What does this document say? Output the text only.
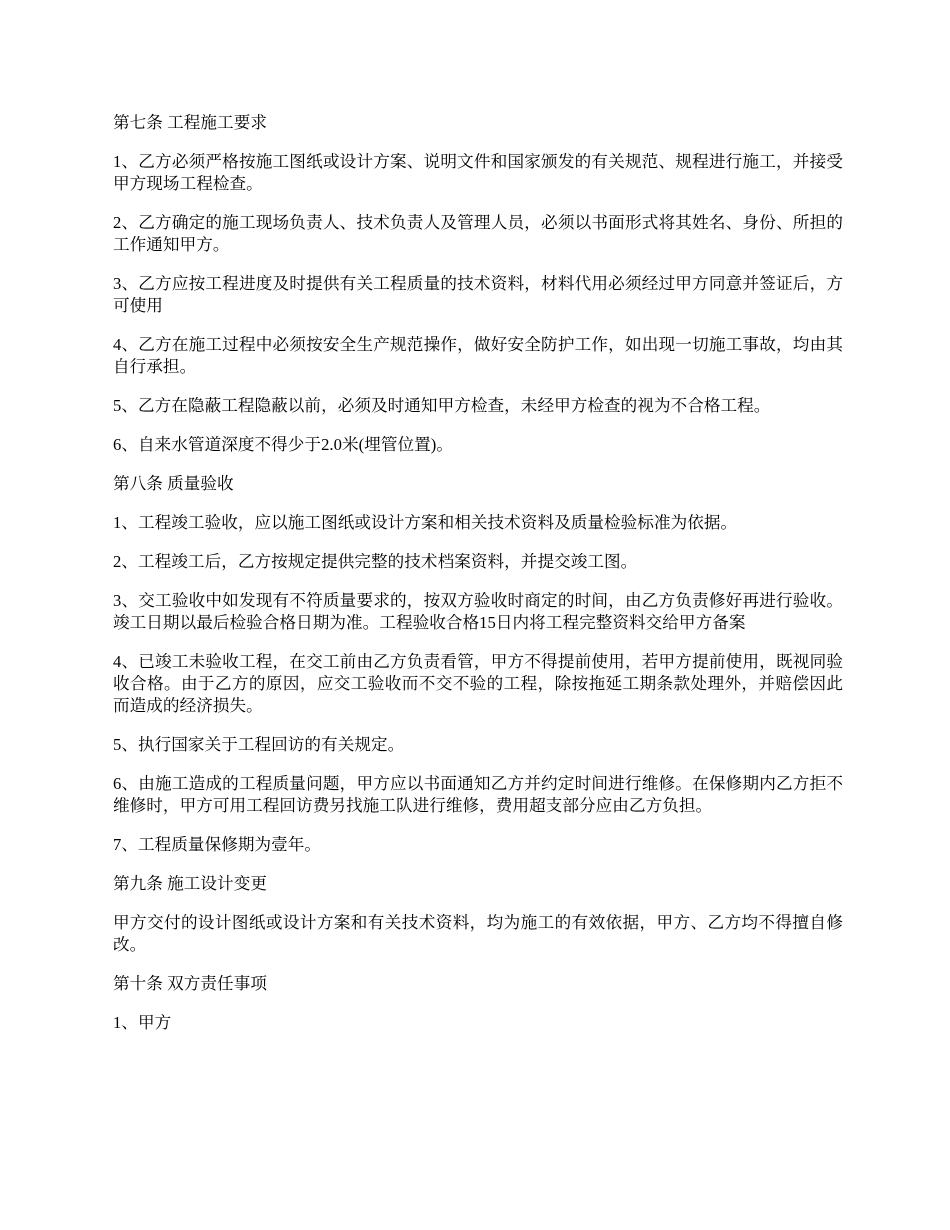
第七条 工程施工要求

1、乙方必须严格按施工图纸或设计方案、说明文件和国家颁发的有关规范、规程进行施工，并接受甲方现场工程检查。

2、乙方确定的施工现场负责人、技术负责人及管理人员，必须以书面形式将其姓名、身份、所担的工作通知甲方。

3、乙方应按工程进度及时提供有关工程质量的技术资料，材料代用必须经过甲方同意并签证后，方可使用

4、乙方在施工过程中必须按安全生产规范操作，做好安全防护工作，如出现一切施工事故，均由其自行承担。

5、乙方在隐蔽工程隐蔽以前，必须及时通知甲方检查，未经甲方检查的视为不合格工程。

6、自来水管道深度不得少于2.0米(埋管位置)。

第八条 质量验收

1、工程竣工验收，应以施工图纸或设计方案和相关技术资料及质量检验标准为依据。

2、工程竣工后，乙方按规定提供完整的技术档案资料，并提交竣工图。

3、交工验收中如发现有不符质量要求的，按双方验收时商定的时间，由乙方负责修好再进行验收。竣工日期以最后检验合格日期为准。工程验收合格15日内将工程完整资料交给甲方备案

4、已竣工未验收工程，在交工前由乙方负责看管，甲方不得提前使用，若甲方提前使用，既视同验收合格。由于乙方的原因，应交工验收而不交不验的工程，除按拖延工期条款处理外，并赔偿因此而造成的经济损失。

5、执行国家关于工程回访的有关规定。

6、由施工造成的工程质量问题，甲方应以书面通知乙方并约定时间进行维修。在保修期内乙方拒不维修时，甲方可用工程回访费另找施工队进行维修，费用超支部分应由乙方负担。

7、工程质量保修期为壹年。

第九条 施工设计变更

甲方交付的设计图纸或设计方案和有关技术资料，均为施工的有效依据，甲方、乙方均不得擅自修改。

第十条 双方责任事项

1、甲方
